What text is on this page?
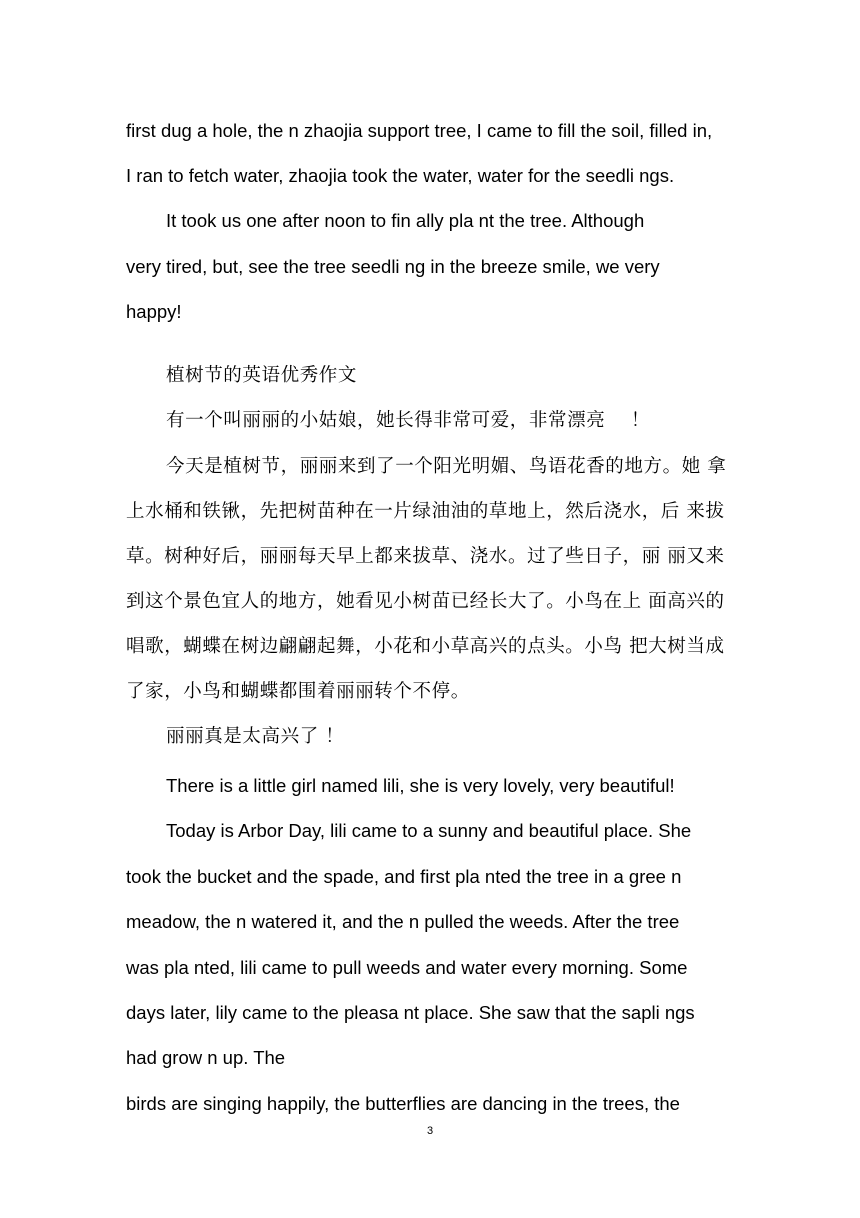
first dug a hole, the n zhaojia support tree, I came to fill the soil, filled in,
I ran to fetch water, zhaojia took the water, water for the seedli ngs.
It took us one after noon to fin ally pla nt the tree. Although
very tired, but, see the tree seedli ng in the breeze smile, we very
happy!
植树节的英语优秀作文
有一个叫丽丽的小姑娘，她长得非常可爱，非常漂亮　 ！
今天是植树节，丽丽来到了一个阳光明媚、鸟语花香的地方。她 拿
上水桶和铁锹，先把树苗种在一片绿油油的草地上，然后浇水，后 来拔
草。树种好后，丽丽每天早上都来拔草、浇水。过了些日子，丽 丽又来
到这个景色宜人的地方，她看见小树苗已经长大了。小鸟在上 面高兴的
唱歌，蝴蝶在树边翩翩起舞，小花和小草高兴的点头。小鸟 把大树当成
了家，小鸟和蝴蝶都围着丽丽转个不停。
丽丽真是太高兴了 ！
There is a little girl named lili, she is very lovely, very beautiful!
Today is Arbor Day, lili came to a sunny and beautiful place. She
took the bucket and the spade, and first pla nted the tree in a gree n
meadow, the n watered it, and the n pulled the weeds. After the tree
was pla nted, lili came to pull weeds and water every morning. Some
days later, lily came to the pleasa nt place. She saw that the sapli ngs
had grow n up. The
birds are singing happily, the butterflies are dancing in the trees, the
3
